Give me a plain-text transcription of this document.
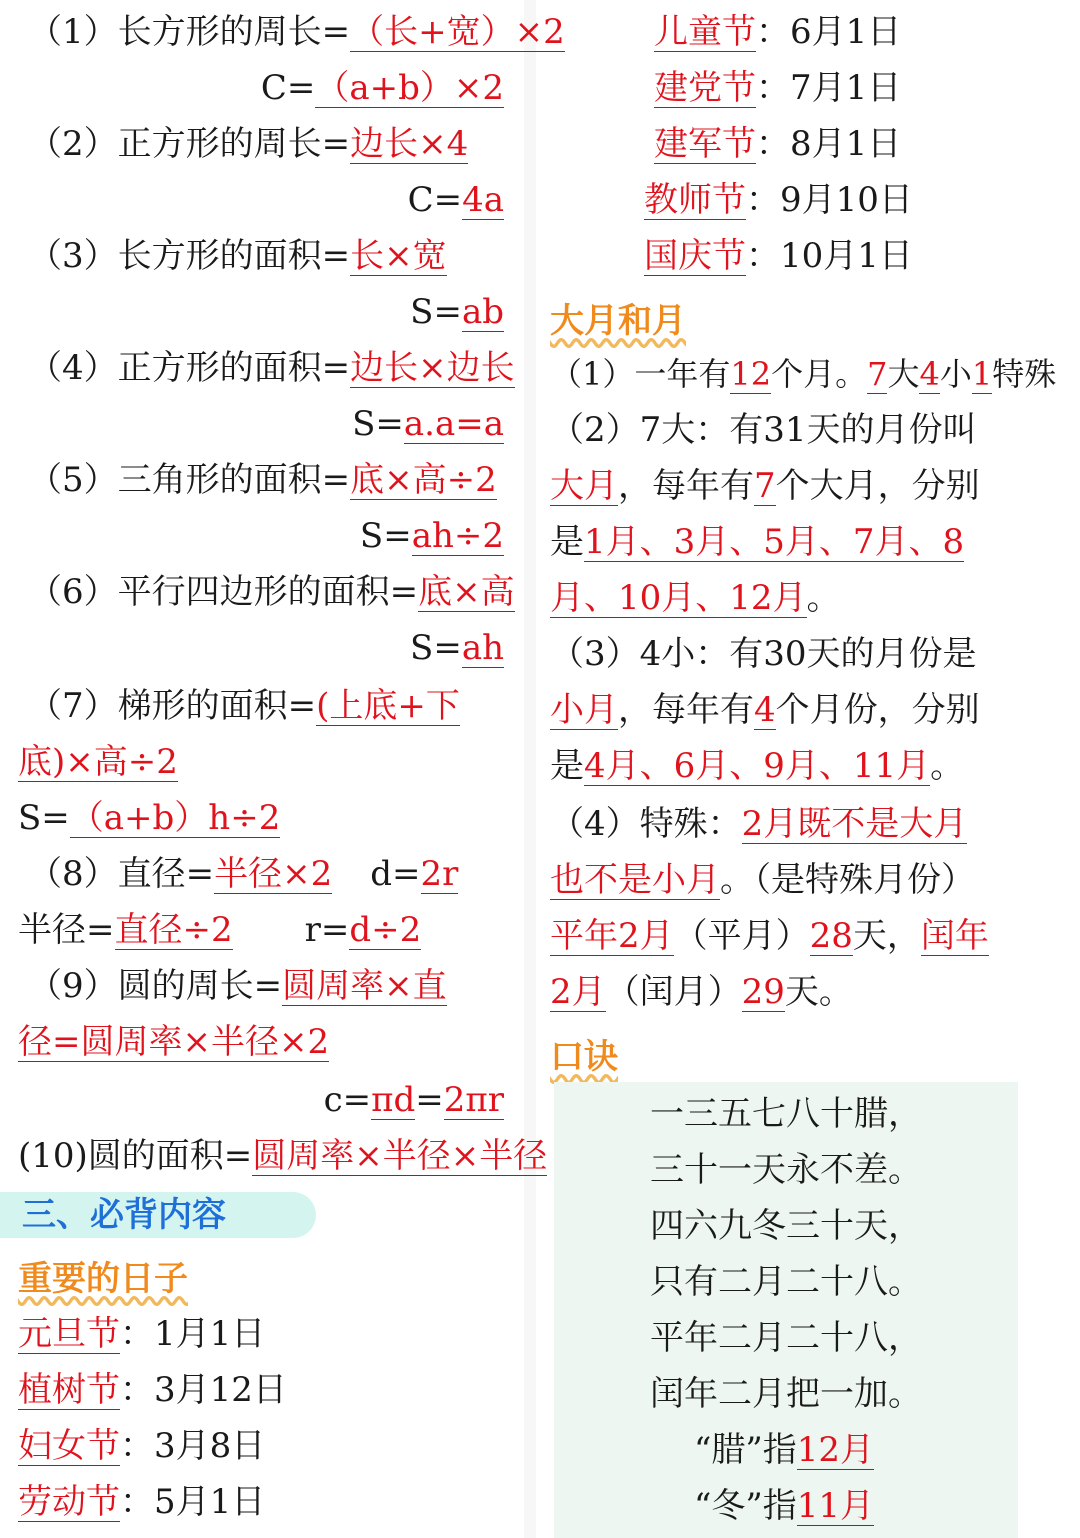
（1）长方形的周长=（长+宽）×2
C=（a+b）×2
（2）正方形的周长=边长×4
C=4a
（3）长方形的面积=长×宽
S=ab
（4）正方形的面积=边长×边长
S=a.a=a
（5）三角形的面积=底×高÷2
S=ah÷2
（6）平行四边形的面积=底×高
S=ah
（7）梯形的面积=(上底+下
底)×高÷2
S=（a+b）h÷2
（8）直径=半径×2 d=2r
半径=直径÷2 r=d÷2
（9）圆的周长=圆周率×直
径=圆周率×半径×2
c=πd=2πr
(10)圆的面积=圆周率×半径×半径
三、必背内容
重要的日子
元旦节：1月1日
植树节：3月12日
妇女节：3月8日
劳动节：5月1日
儿童节：6月1日
建党节：7月1日
建军节：8月1日
教师节：9月10日
国庆节：10月1日
大月和月
（1）一年有12个月。7大4小1特殊
（2）7大：有31天的月份叫
大月，每年有7个大月，分别
是1月、3月、5月、7月、8
月、10月、12月。
（3）4小：有30天的月份是
小月，每年有4个月份，分别
是4月、6月、9月、11月。
（4）特殊：2月既不是大月
也不是小月。（是特殊月份）
平年2月（平月）28天，闰年
2月（闰月）29天。
口诀
一三五七八十腊，
三十一天永不差。
四六九冬三十天，
只有二月二十八。
平年二月二十八，
闰年二月把一加。
“腊”指12月
“冬”指11月
